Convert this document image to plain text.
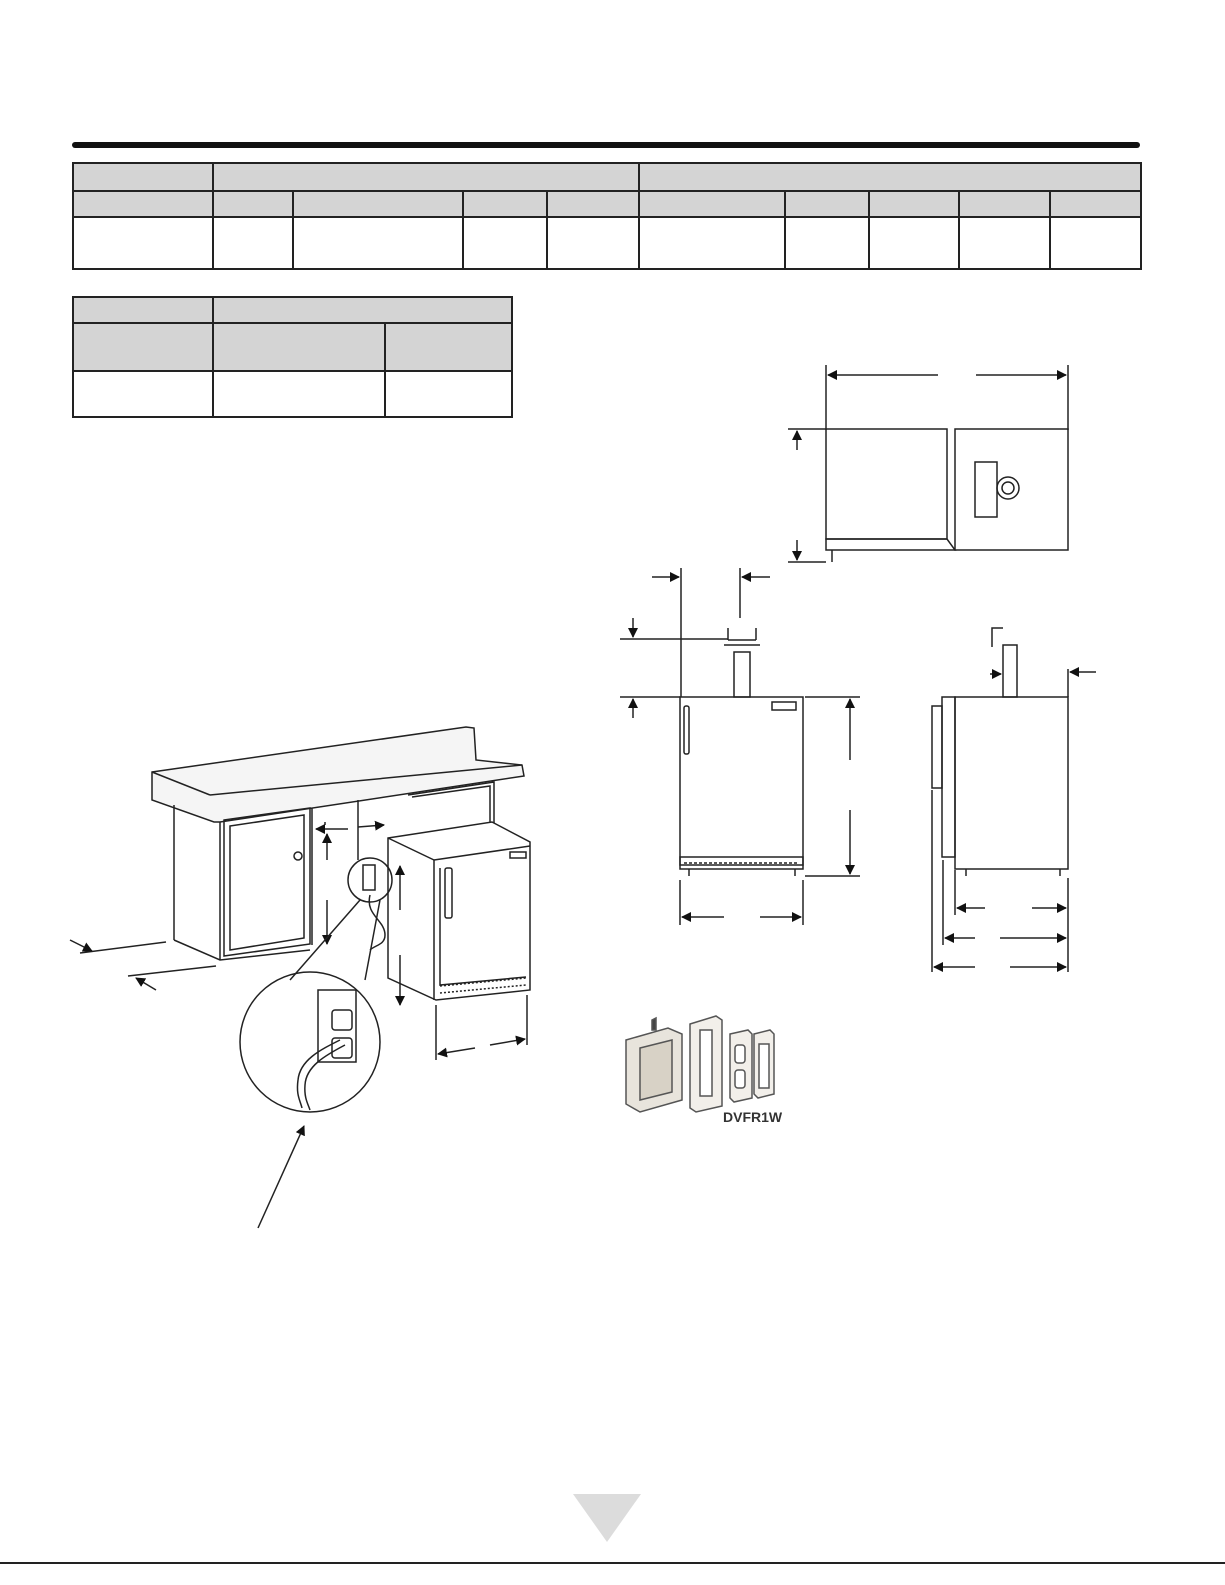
DVFR1W
